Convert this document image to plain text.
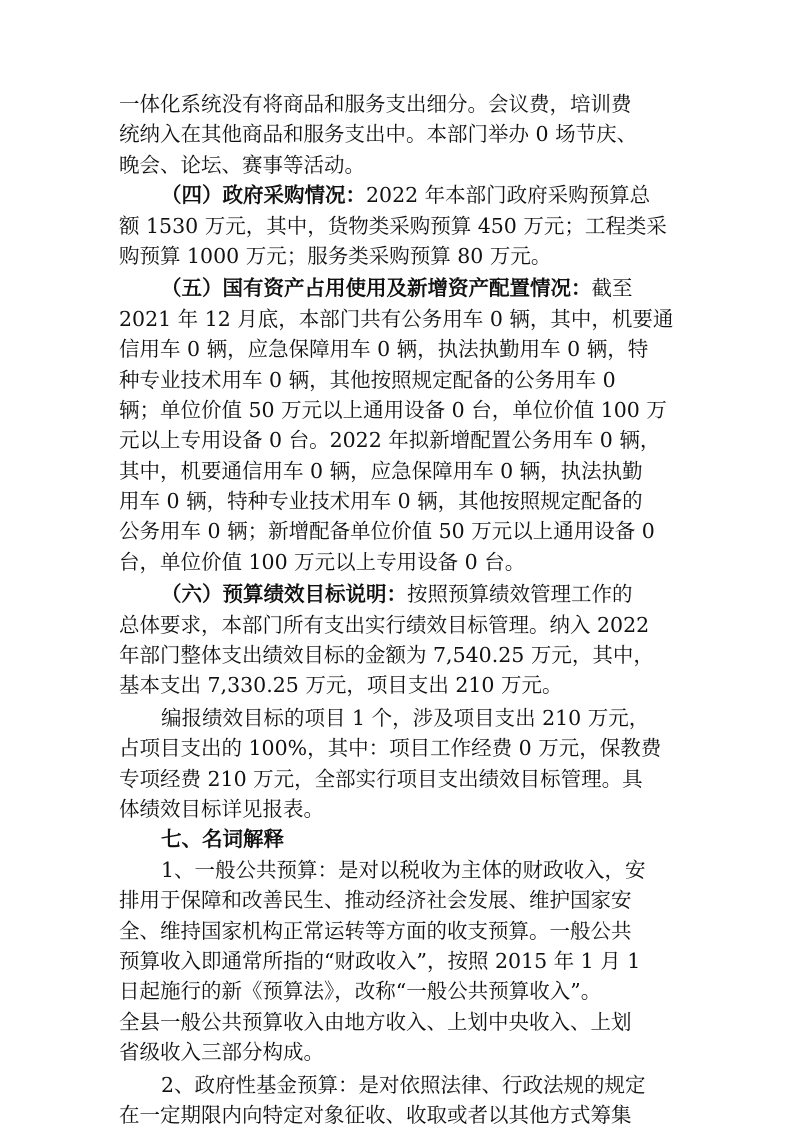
一体化系统没有将商品和服务支出细分。会议费，培训费
统纳入在其他商品和服务支出中。本部门举办 0 场节庆、
晚会、论坛、赛事等活动。
（四）政府采购情况：2022 年本部门政府采购预算总
额 1530 万元，其中，货物类采购预算 450 万元；工程类采
购预算 1000 万元；服务类采购预算 80 万元。
（五）国有资产占用使用及新增资产配置情况：截至
2021 年 12 月底，本部门共有公务用车 0 辆，其中，机要通
信用车 0 辆，应急保障用车 0 辆，执法执勤用车 0 辆，特
种专业技术用车 0 辆，其他按照规定配备的公务用车 0
辆；单位价值 50 万元以上通用设备 0 台，单位价值 100 万
元以上专用设备 0 台。2022 年拟新增配置公务用车 0 辆，
其中，机要通信用车 0 辆，应急保障用车 0 辆，执法执勤
用车 0 辆，特种专业技术用车 0 辆，其他按照规定配备的
公务用车 0 辆；新增配备单位价值 50 万元以上通用设备 0
台，单位价值 100 万元以上专用设备 0 台。
（六）预算绩效目标说明：按照预算绩效管理工作的
总体要求，本部门所有支出实行绩效目标管理。纳入 2022
年部门整体支出绩效目标的金额为 7,540.25 万元，其中，
基本支出 7,330.25 万元，项目支出 210 万元。
编报绩效目标的项目 1 个，涉及项目支出 210 万元，
占项目支出的 100%，其中：项目工作经费 0 万元，保教费
专项经费 210 万元，全部实行项目支出绩效目标管理。具
体绩效目标详见报表。
七、名词解释
1、一般公共预算：是对以税收为主体的财政收入，安
排用于保障和改善民生、推动经济社会发展、维护国家安
全、维持国家机构正常运转等方面的收支预算。一般公共
预算收入即通常所指的“财政收入”，按照 2015 年 1 月 1
日起施行的新《预算法》，改称“一般公共预算收入”。
全县一般公共预算收入由地方收入、上划中央收入、上划
省级收入三部分构成。
2、政府性基金预算：是对依照法律、行政法规的规定
在一定期限内向特定对象征收、收取或者以其他方式筹集
